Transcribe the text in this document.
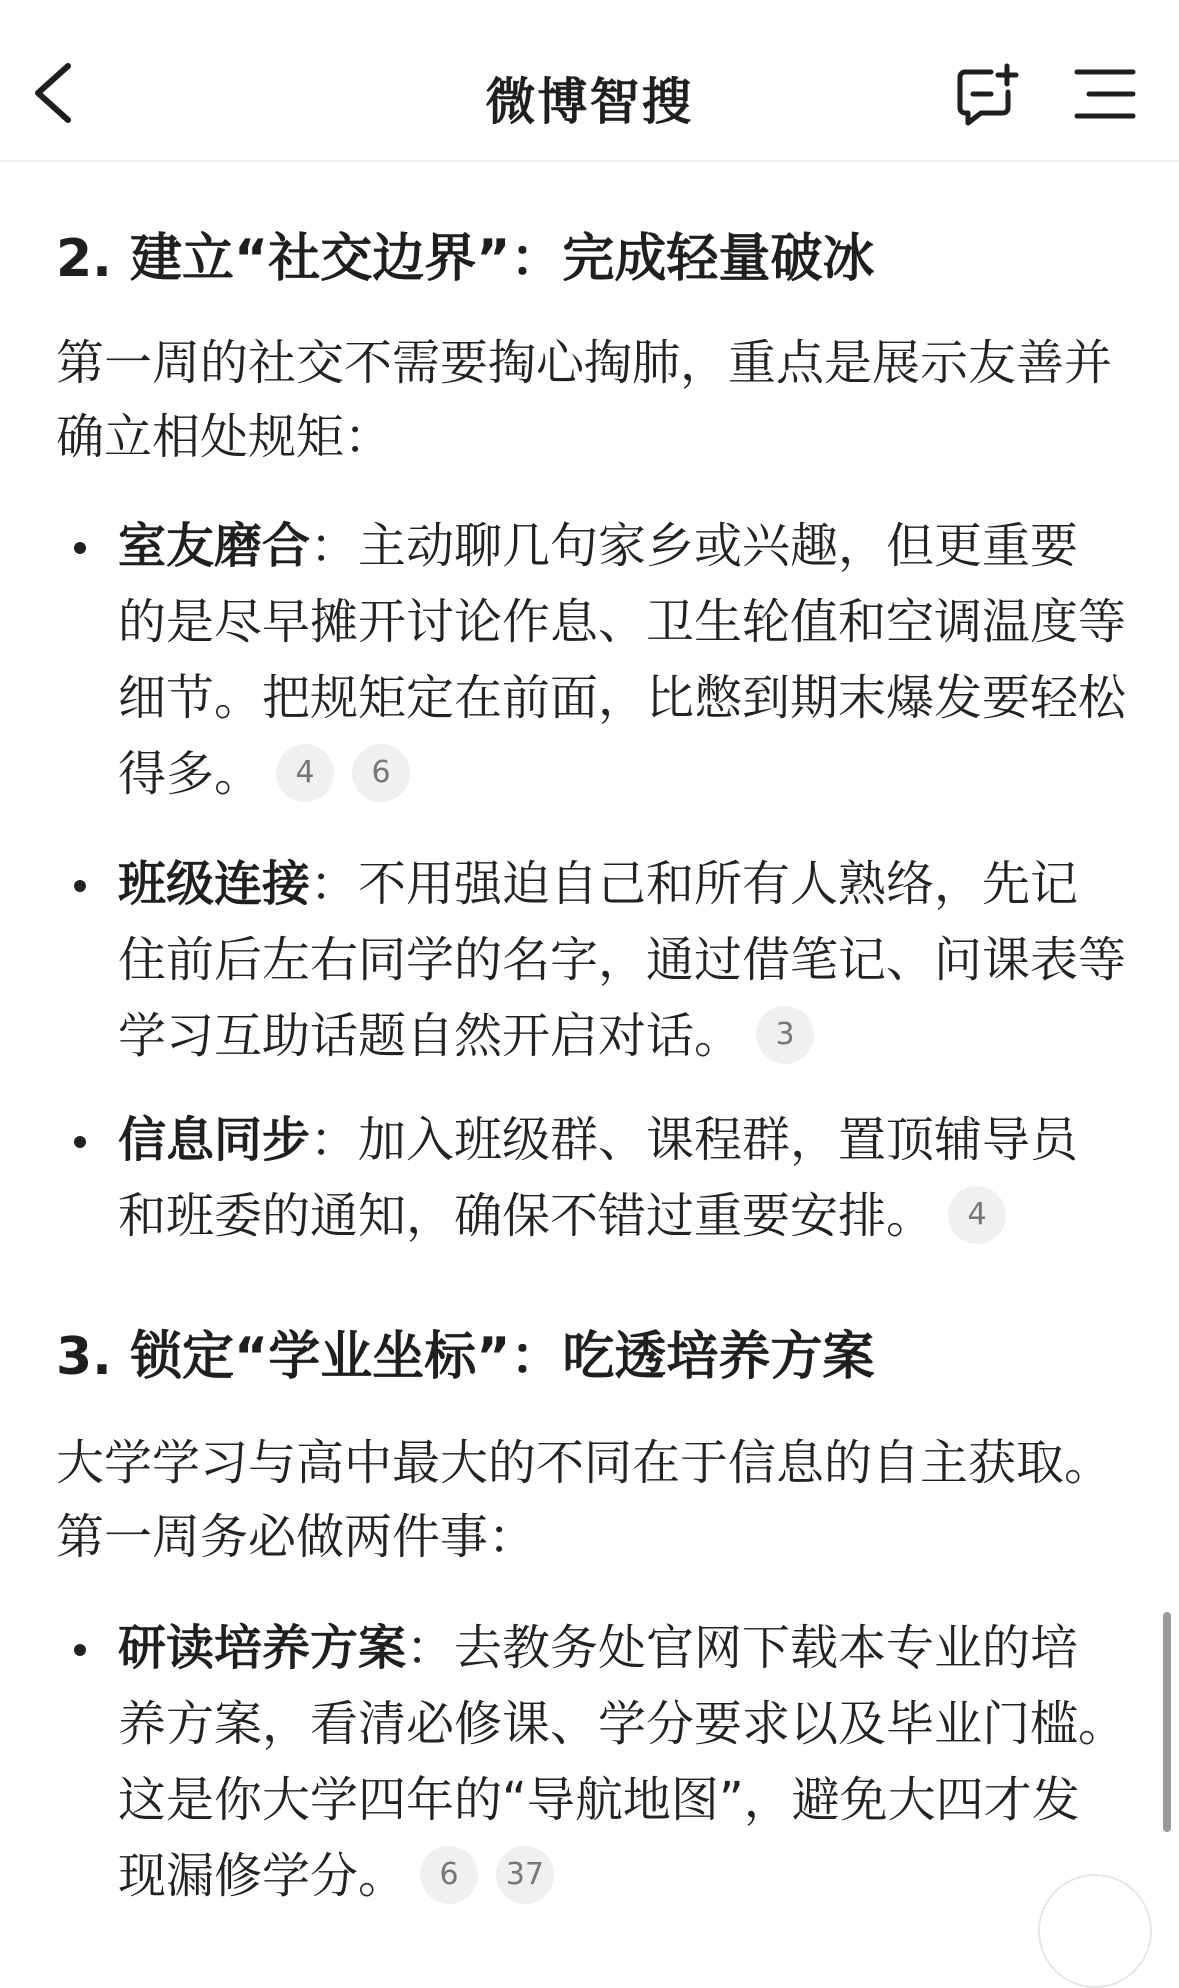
微博智搜
2. 建立“社交边界”：完成轻量破冰

第一周的社交不需要掏心掏肺，重点是展示友善并确立相处规矩：

室友磨合：主动聊几句家乡或兴趣，但更重要的是尽早摊开讨论作息、卫生轮值和空调温度等细节。把规矩定在前面，比憋到期末爆发要轻松得多。 4 6
班级连接：不用强迫自己和所有人熟络，先记住前后左右同学的名字，通过借笔记、问课表等学习互助话题自然开启对话。 3
信息同步：加入班级群、课程群，置顶辅导员和班委的通知，确保不错过重要安排。 4
3. 锁定“学业坐标”：吃透培养方案

大学学习与高中最大的不同在于信息的自主获取。第一周务必做两件事：

研读培养方案：去教务处官网下载本专业的培养方案，看清必修课、学分要求以及毕业门槛。这是你大学四年的“导航地图”，避免大四才发现漏修学分。 6 37
